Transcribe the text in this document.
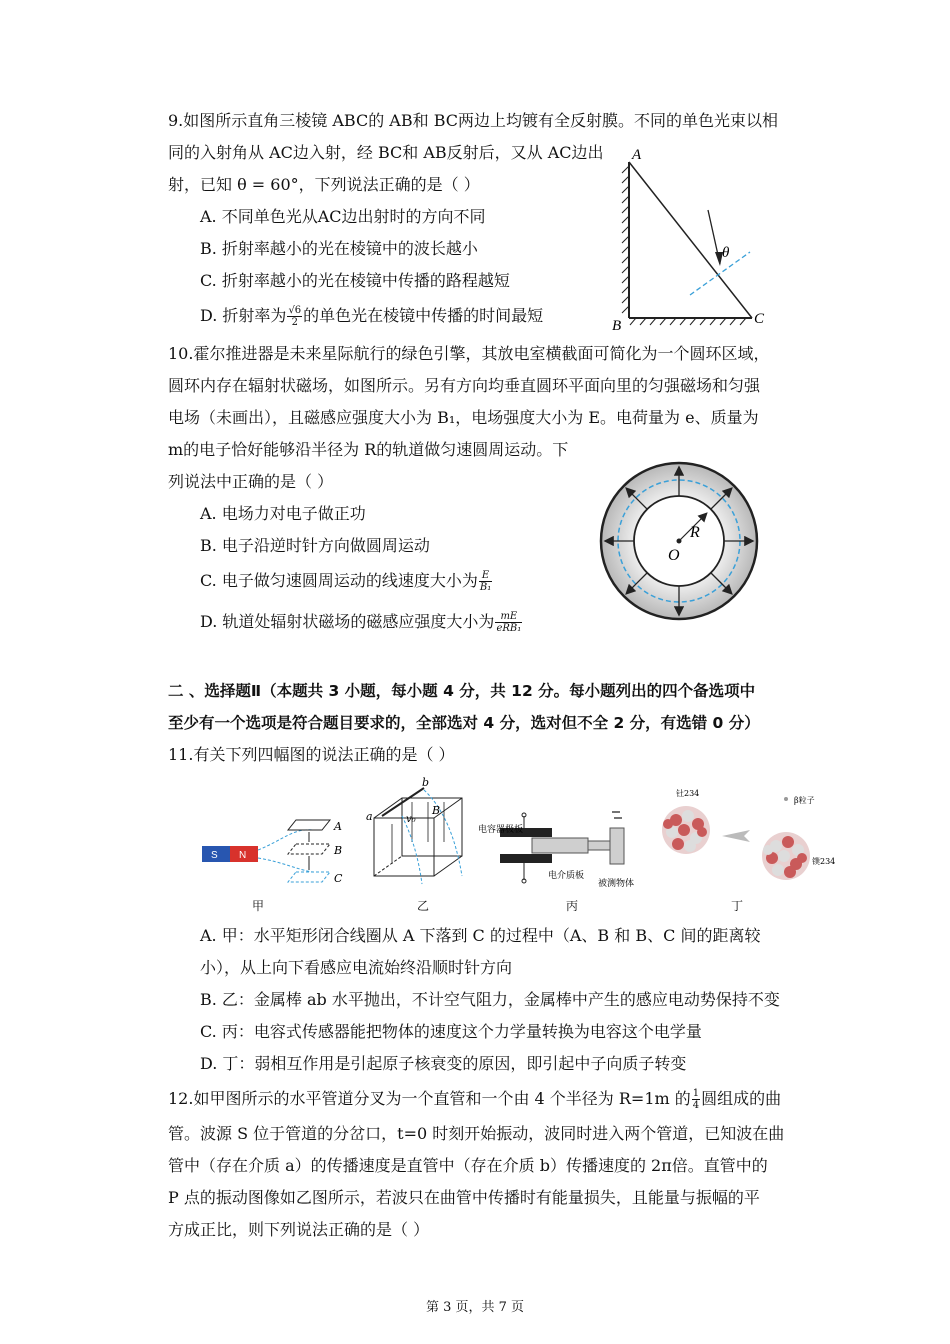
9.如图所示直角三棱镜 ABC的 AB和 BC两边上均镀有全反射膜。不同的单色光束以相
同的入射角从 AC边入射，经 BC和 AB反射后，又从 AC边出
射，已知 θ = 60°，下列说法正确的是（ ）
A. 不同单色光从AC边出射时的方向不同
B. 折射率越小的光在棱镜中的波长越小
C. 折射率越小的光在棱镜中传播的路程越短
D. 折射率为 $\frac{√6}{2}$ 的单色光在棱镜中传播的时间最短
A
B	C
θ
10.霍尔推进器是未来星际航行的绿色引擎，其放电室横截面可简化为一个圆环区域，
圆环内存在辐射状磁场，如图所示。另有方向均垂直圆环平面向里的匀强磁场和匀强
电场（未画出），且磁感应强度大小为 B₁，电场强度大小为 E。电荷量为 e、质量为
m的电子恰好能够沿半径为 R的轨道做匀速圆周运动。下
列说法中正确的是（ ）
A. 电场力对电子做正功
B. 电子沿逆时针方向做圆周运动
C. 电子做匀速圆周运动的线速度大小为 $\frac{E}{\text{B₁}}$
D. 轨道处辐射状磁场的磁感应强度大小为 $\frac{mE}{\text{eRB₁}}$
R
O
二 、选择题Ⅱ（本题共 3 小题，每小题 4 分，共 12 分。每小题列出的四个备选项中
至少有一个选项是符合题目要求的，全部选对 4 分，选对但不全 2 分，有选错 0 分）
11.有关下列四幅图的说法正确的是（ ）
S N
A
B
C
甲
a
b
v₀
B
乙
电容器极板
电介质板
被测物体
丙
钍234
β粒子
镤234
丁
A. 甲：水平矩形闭合线圈从 A 下落到 C 的过程中（A、B 和 B、C 间的距离较
小），从上向下看感应电流始终沿顺时针方向
B. 乙：金属棒 ab 水平抛出，不计空气阻力，金属棒中产生的感应电动势保持不变
C. 丙：电容式传感器能把物体的速度这个力学量转换为电容这个电学量
D. 丁：弱相互作用是引起原子核衰变的原因，即引起中子向质子转变
12.如甲图所示的水平管道分叉为一个直管和一个由 4 个半径为 R=1m 的 $\frac{1}{4}$ 圆组成的曲
管。波源 S 位于管道的分岔口，t=0 时刻开始振动，波同时进入两个管道，已知波在曲
管中（存在介质 a）的传播速度是直管中（存在介质 b）传播速度的 2π倍。直管中的
P 点的振动图像如乙图所示，若波只在曲管中传播时有能量损失，且能量与振幅的平
方成正比，则下列说法正确的是（ ）
第 3 页，共 7 页
